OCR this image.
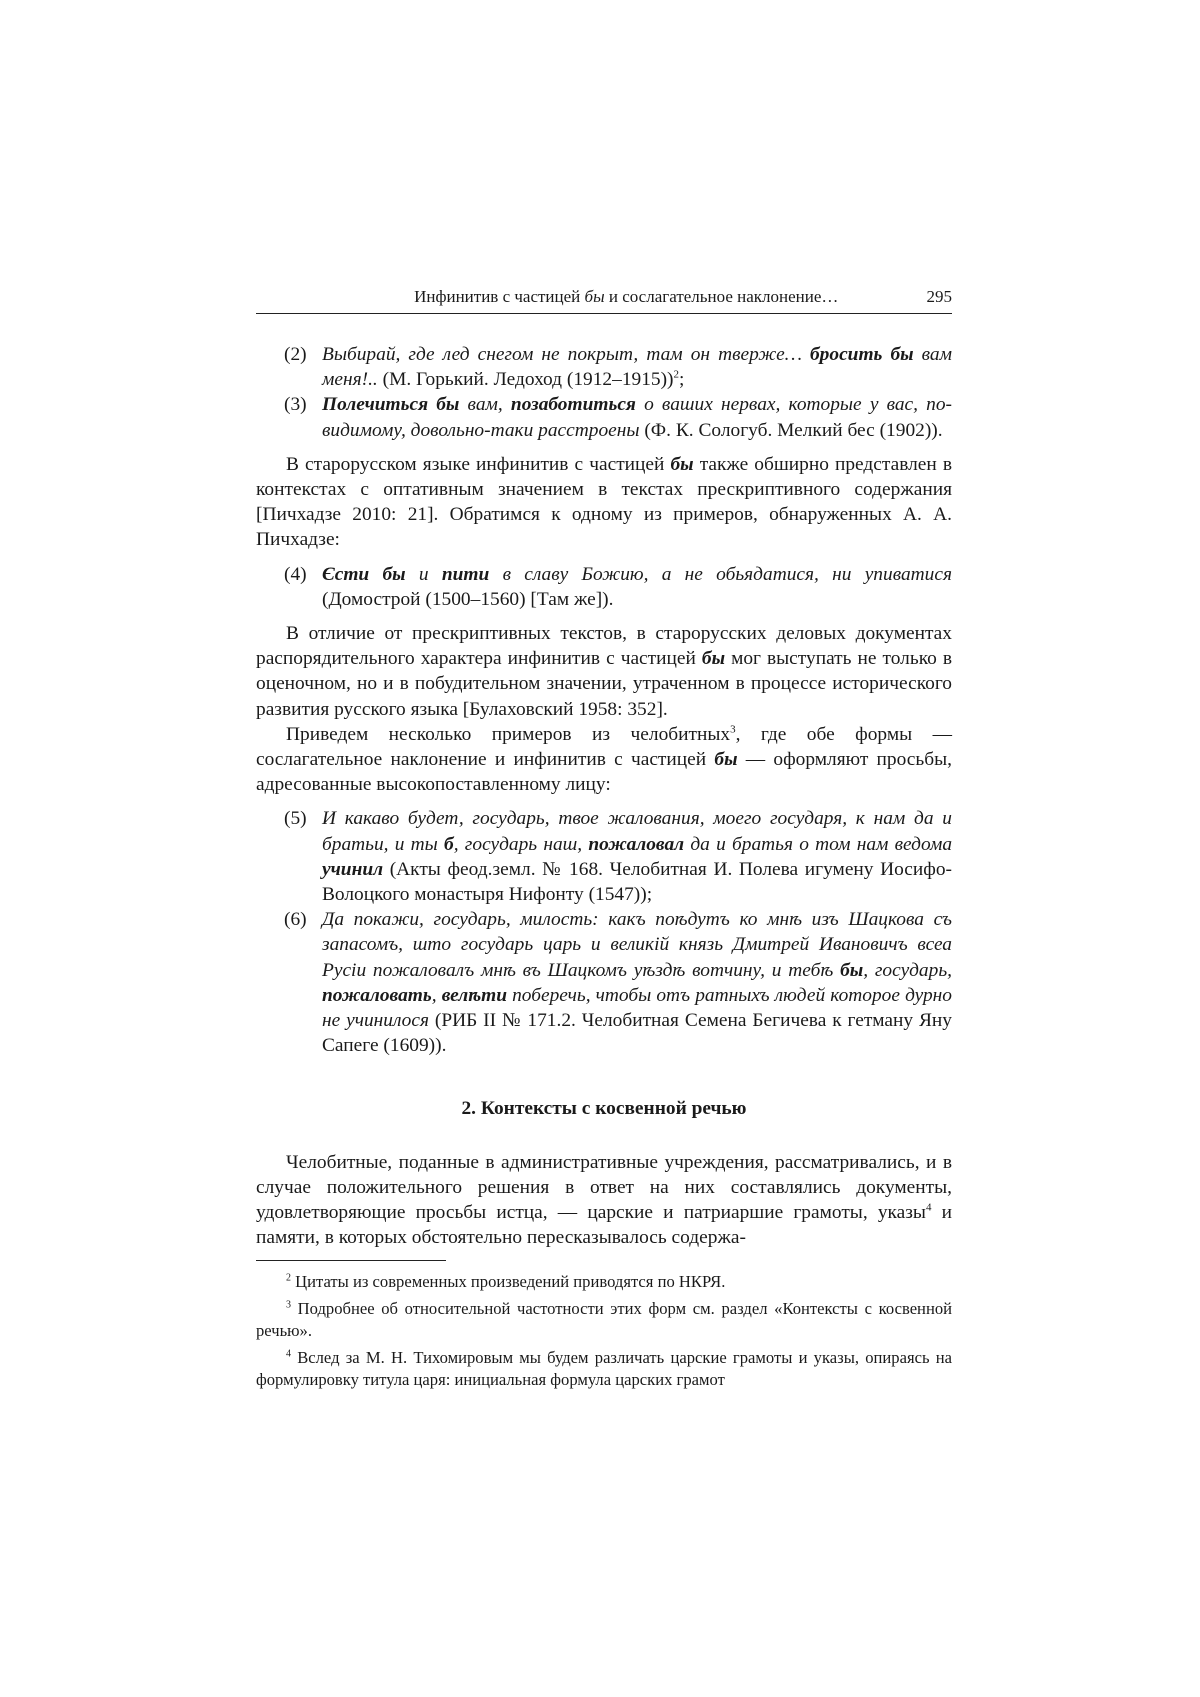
Инфинитив с частицей бы и сослагательное наклонение…	295
(2) Выбирай, где лед снегом не покрыт, там он тверже… бросить бы вам меня!.. (М. Горький. Ледоход (1912–1915))$^2$;
(3) Полечиться бы вам, позаботиться о ваших нервах, которые у вас, по-видимому, довольно-таки расстроены (Ф. К. Сологуб. Мелкий бес (1902)).

В старорусском языке инфинитив с частицей бы также обширно представлен в контекстах с оптативным значением в текстах прескриптивного содержания [Пичхадзе 2010: 21]. Обратимся к одному из примеров, обнаруженных А. А. Пичхадзе:

(4) Єсти бы и пити в славу Божию, а не обьядатися, ни упиватися (Домострой (1500–1560) [Там же]).

В отличие от прескриптивных текстов, в старорусских деловых документах распорядительного характера инфинитив с частицей бы мог выступать не только в оценочном, но и в побудительном значении, утраченном в процессе исторического развития русского языка [Булаховский 1958: 352].

Приведем несколько примеров из челобитных$^3$, где обе формы — сослагательное наклонение и инфинитив с частицей бы — оформляют просьбы, адресованные высокопоставленному лицу:

(5) И какаво будет, государь, твое жалования, моего государя, к нам да и братьи, и ты б, государь наш, пожаловал да и братья о том нам ведома учинил (Акты феод.земл. № 168. Челобитная И. Полева игумену Иосифо-Волоцкого монастыря Нифонту (1547));
(6) Да покажи, государь, милость: какъ поѣдутъ ко мнѣ изъ Шацкова съ запасомъ, што государь царь и великій князь Дмитрей Ивановичъ всеа Русіи пожаловалъ мнѣ въ Шацкомъ уѣздѣ вотчину, и тебѣ бы, государь, пожаловать, велѣти поберечь, чтобы отъ ратныхъ людей которое дурно не учинилося (РИБ II № 171.2. Челобитная Семена Бегичева к гетману Яну Сапеге (1609)).
2. Контексты с косвенной речью

Челобитные, поданные в административные учреждения, рассматривались, и в случае положительного решения в ответ на них составлялись документы, удовлетворяющие просьбы истца, — царские и патриаршие грамоты, указы$^4$ и памяти, в которых обстоятельно пересказывалось содержа-

$^2$ Цитаты из современных произведений приводятся по НКРЯ.
$^3$ Подробнее об относительной частотности этих форм см. раздел «Контексты с косвенной речью».
$^4$ Вслед за М. Н. Тихомировым мы будем различать царские грамоты и указы, опираясь на формулировку титула царя: инициальная формула царских грамот
